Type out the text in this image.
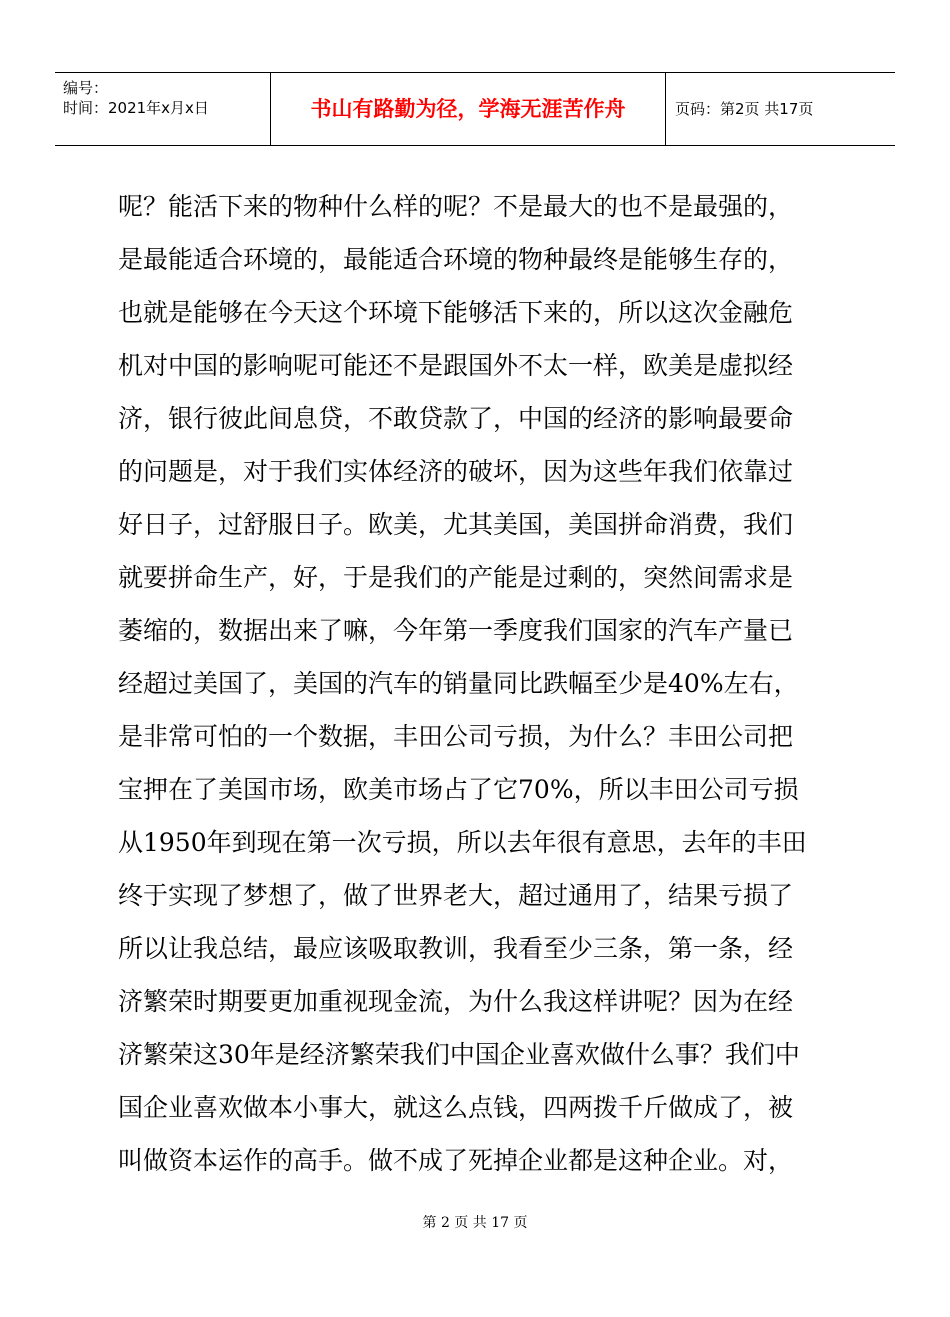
编号：
时间：2021年x月x日	书山有路勤为径，学海无涯苦作舟	页码：第2页 共17页
呢？能活下来的物种什么样的呢？不是最大的也不是最强的，
是最能适合环境的，最能适合环境的物种最终是能够生存的，
也就是能够在今天这个环境下能够活下来的，所以这次金融危
机对中国的影响呢可能还不是跟国外不太一样，欧美是虚拟经
济，银行彼此间息贷，不敢贷款了，中国的经济的影响最要命
的问题是，对于我们实体经济的破坏，因为这些年我们依靠过
好日子，过舒服日子。欧美，尤其美国，美国拼命消费，我们
就要拼命生产，好，于是我们的产能是过剩的，突然间需求是
萎缩的，数据出来了嘛，今年第一季度我们国家的汽车产量已
经超过美国了，美国的汽车的销量同比跌幅至少是40%左右，
是非常可怕的一个数据，丰田公司亏损，为什么？丰田公司把
宝押在了美国市场，欧美市场占了它70%，所以丰田公司亏损
从1950年到现在第一次亏损，所以去年很有意思，去年的丰田
终于实现了梦想了，做了世界老大，超过通用了，结果亏损了
所以让我总结，最应该吸取教训，我看至少三条，第一条，经
济繁荣时期要更加重视现金流，为什么我这样讲呢？因为在经
济繁荣这30年是经济繁荣我们中国企业喜欢做什么事？我们中
国企业喜欢做本小事大，就这么点钱，四两拨千斤做成了，被
叫做资本运作的高手。做不成了死掉企业都是这种企业。对，
第 2 页 共 17 页
